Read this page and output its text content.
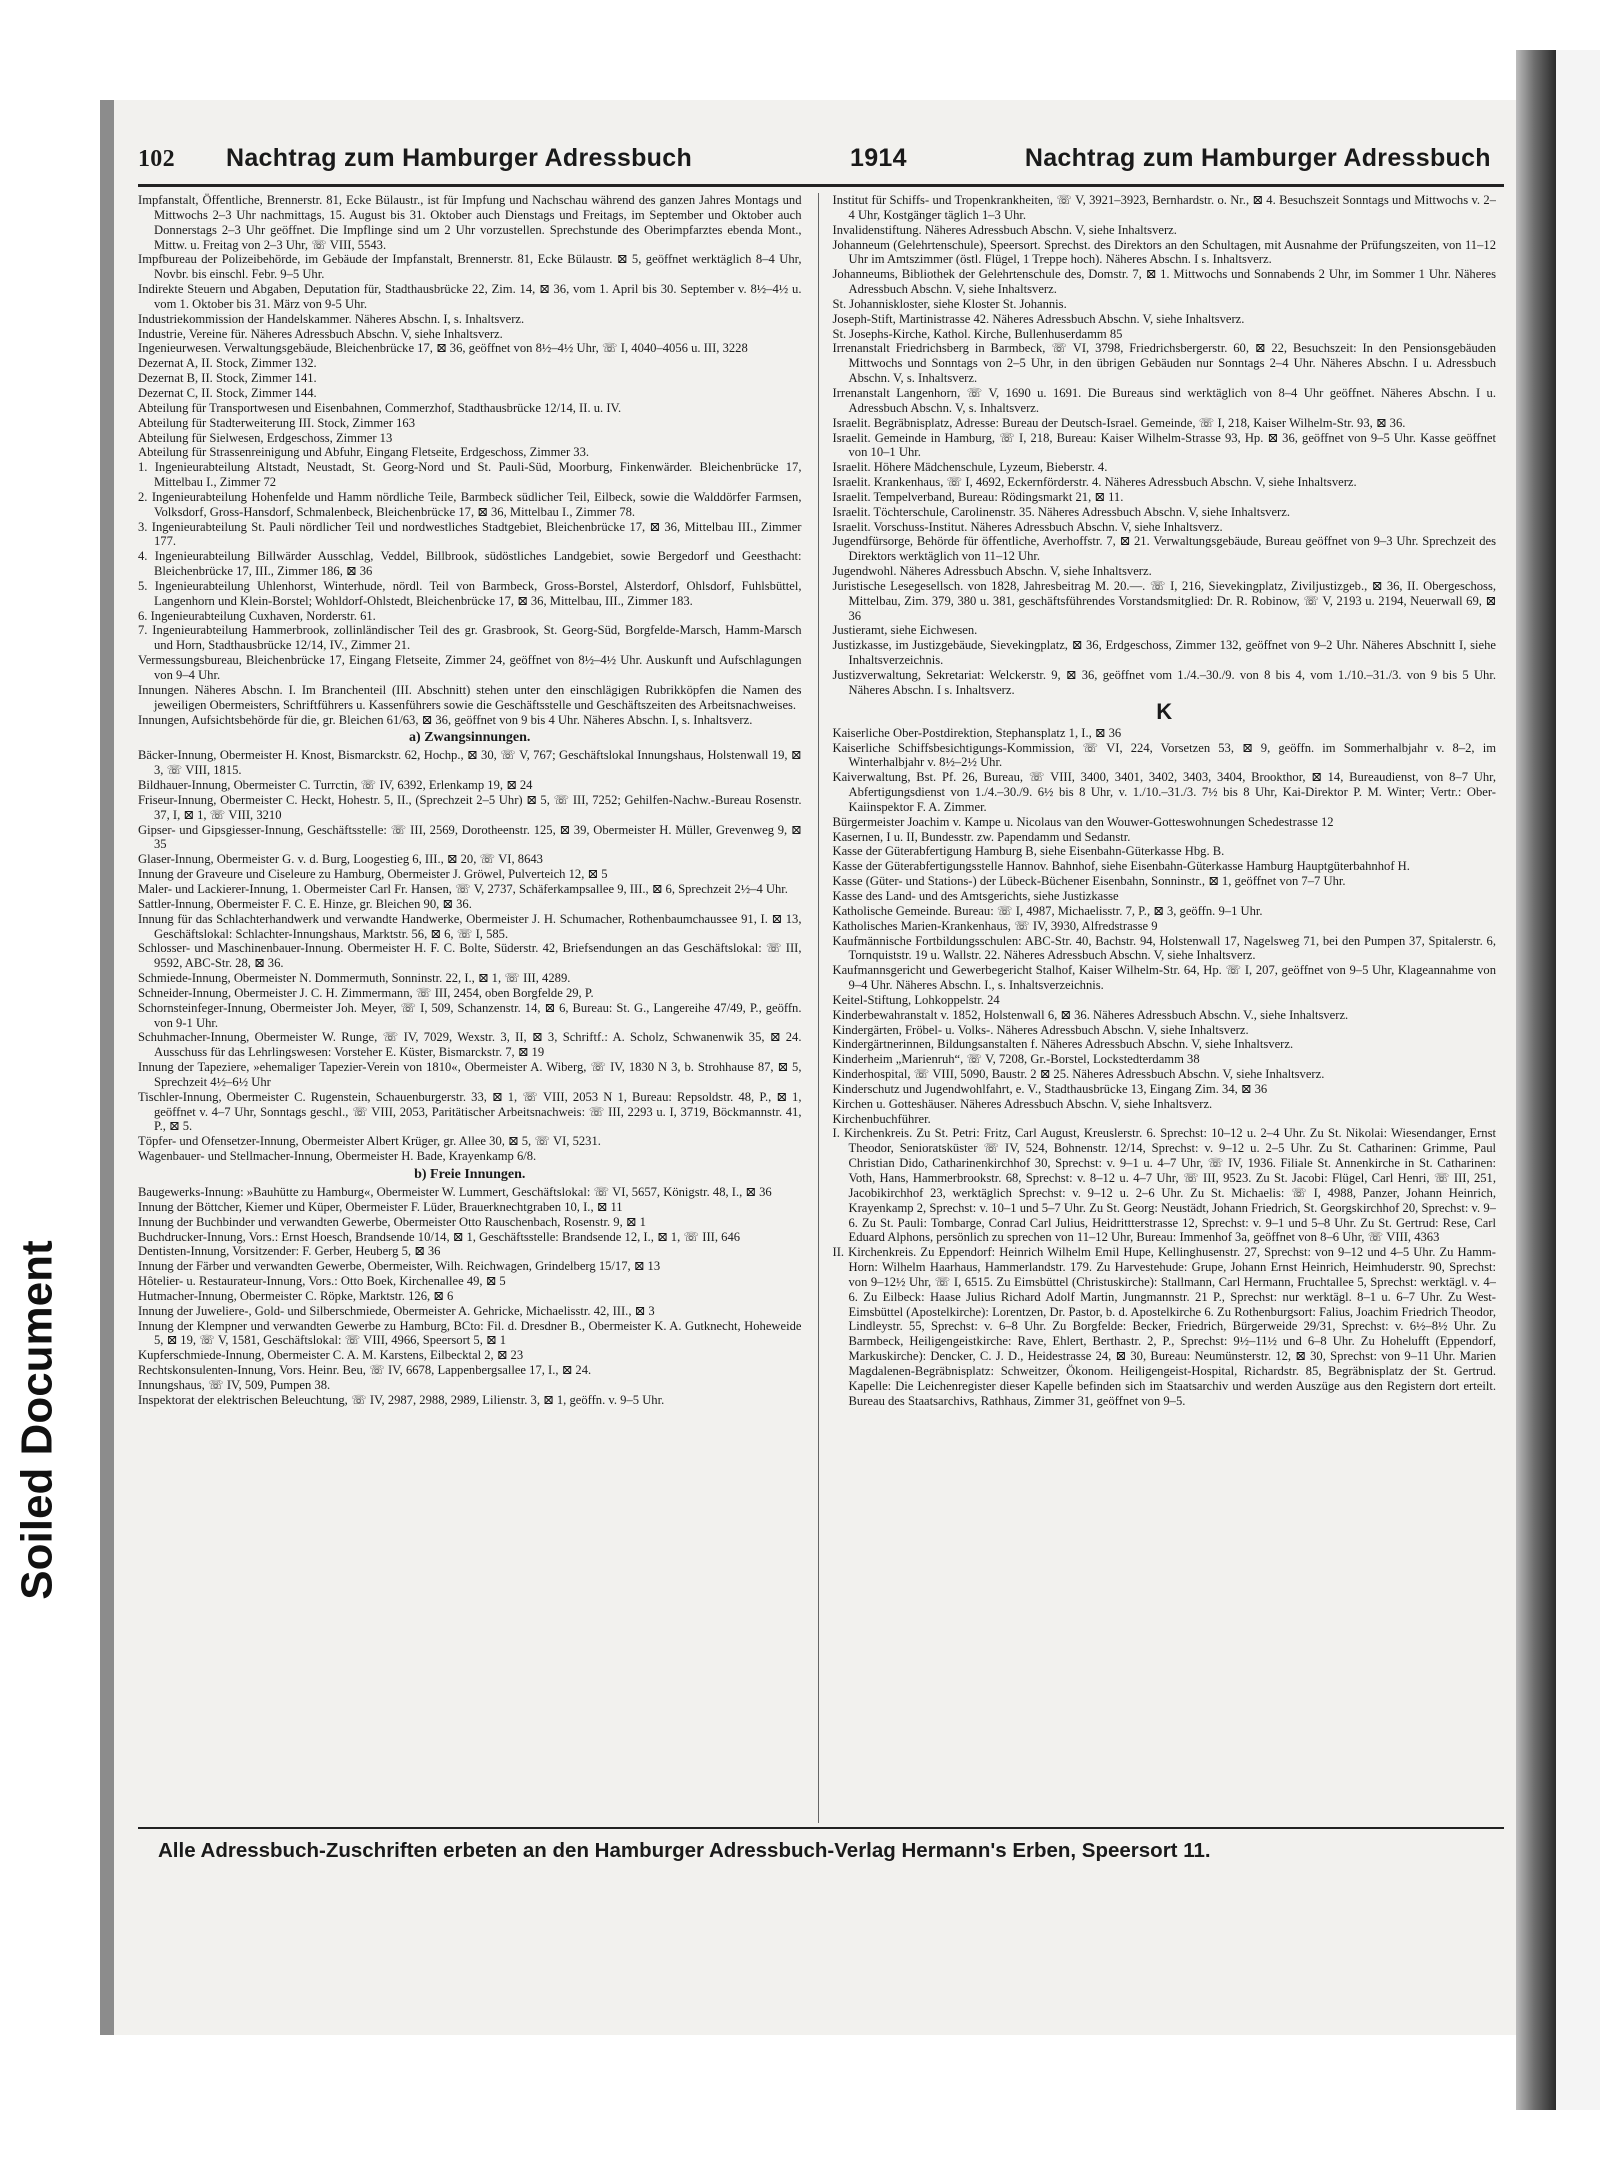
Soiled Document
102	Nachtrag zum Hamburger Adressbuch	1914	Nachtrag zum Hamburger Adressbuch

Impfanstalt, Öffentliche, Brennerstr. 81, Ecke Bülaustr., ist für Impfung und Nachschau während des ganzen Jahres Montags und Mittwochs 2–3 Uhr nachmittags, 15. August bis 31. Oktober auch Dienstags und Freitags, im September und Oktober auch Donnerstags 2–3 Uhr geöffnet. Die Impflinge sind um 2 Uhr vorzustellen. Sprechstunde des Oberimpfarztes ebenda Mont., Mittw. u. Freitag von 2–3 Uhr, ☏ VIII, 5543.

Impfbureau der Polizeibehörde, im Gebäude der Impfanstalt, Brennerstr. 81, Ecke Bülaustr. ⊠ 5, geöffnet werktäglich 8–4 Uhr, Novbr. bis einschl. Febr. 9–5 Uhr.

Indirekte Steuern und Abgaben, Deputation für, Stadthausbrücke 22, Zim. 14, ⊠ 36, vom 1. April bis 30. September v. 8½–4½ u. vom 1. Oktober bis 31. März von 9-5 Uhr.

Industriekommission der Handelskammer. Näheres Abschn. I, s. Inhaltsverz.

Industrie, Vereine für. Näheres Adressbuch Abschn. V, siehe Inhaltsverz.

Ingenieurwesen. Verwaltungsgebäude, Bleichenbrücke 17, ⊠ 36, geöffnet von 8½–4½ Uhr, ☏ I, 4040–4056 u. III, 3228

Dezernat A, II. Stock, Zimmer 132.

Dezernat B, II. Stock, Zimmer 141.

Dezernat C, II. Stock, Zimmer 144.

Abteilung für Transportwesen und Eisenbahnen, Commerzhof, Stadthausbrücke 12/14, II. u. IV.

Abteilung für Stadterweiterung III. Stock, Zimmer 163

Abteilung für Sielwesen, Erdgeschoss, Zimmer 13

Abteilung für Strassenreinigung und Abfuhr, Eingang Fletseite, Erdgeschoss, Zimmer 33.

1. Ingenieurabteilung Altstadt, Neustadt, St. Georg-Nord und St. Pauli-Süd, Moorburg, Finkenwärder. Bleichenbrücke 17, Mittelbau I., Zimmer 72

2. Ingenieurabteilung Hohenfelde und Hamm nördliche Teile, Barmbeck südlicher Teil, Eilbeck, sowie die Walddörfer Farmsen, Volksdorf, Gross-Hansdorf, Schmalenbeck, Bleichenbrücke 17, ⊠ 36, Mittelbau I., Zimmer 78.

3. Ingenieurabteilung St. Pauli nördlicher Teil und nordwestliches Stadtgebiet, Bleichenbrücke 17, ⊠ 36, Mittelbau III., Zimmer 177.

4. Ingenieurabteilung Billwärder Ausschlag, Veddel, Billbrook, südöstliches Landgebiet, sowie Bergedorf und Geesthacht: Bleichenbrücke 17, III., Zimmer 186, ⊠ 36

5. Ingenieurabteilung Uhlenhorst, Winterhude, nördl. Teil von Barmbeck, Gross-Borstel, Alsterdorf, Ohlsdorf, Fuhlsbüttel, Langenhorn und Klein-Borstel; Wohldorf-Ohlstedt, Bleichenbrücke 17, ⊠ 36, Mittelbau, III., Zimmer 183.

6. Ingenieurabteilung Cuxhaven, Norderstr. 61.

7. Ingenieurabteilung Hammerbrook, zollinländischer Teil des gr. Grasbrook, St. Georg-Süd, Borgfelde-Marsch, Hamm-Marsch und Horn, Stadthausbrücke 12/14, IV., Zimmer 21.

Vermessungsbureau, Bleichenbrücke 17, Eingang Fletseite, Zimmer 24, geöffnet von 8½–4½ Uhr. Auskunft und Aufschlagungen von 9–4 Uhr.

Innungen. Näheres Abschn. I. Im Branchenteil (III. Abschnitt) stehen unter den einschlägigen Rubrikköpfen die Namen des jeweiligen Obermeisters, Schriftführers u. Kassenführers sowie die Geschäftsstelle und Geschäftszeiten des Arbeitsnachweises.

Innungen, Aufsichtsbehörde für die, gr. Bleichen 61/63, ⊠ 36, geöffnet von 9 bis 4 Uhr. Näheres Abschn. I, s. Inhaltsverz.

a) Zwangsinnungen.

Bäcker-Innung, Obermeister H. Knost, Bismarckstr. 62, Hochp., ⊠ 30, ☏ V, 767; Geschäftslokal Innungshaus, Holstenwall 19, ⊠ 3, ☏ VIII, 1815.

Bildhauer-Innung, Obermeister C. Turrctin, ☏ IV, 6392, Erlenkamp 19, ⊠ 24

Friseur-Innung, Obermeister C. Heckt, Hohestr. 5, II., (Sprechzeit 2–5 Uhr) ⊠ 5, ☏ III, 7252; Gehilfen-Nachw.-Bureau Rosenstr. 37, I, ⊠ 1, ☏ VIII, 3210

Gipser- und Gipsgiesser-Innung, Geschäftsstelle: ☏ III, 2569, Dorotheenstr. 125, ⊠ 39, Obermeister H. Müller, Grevenweg 9, ⊠ 35

Glaser-Innung, Obermeister G. v. d. Burg, Loogestieg 6, III., ⊠ 20, ☏ VI, 8643

Innung der Graveure und Ciseleure zu Hamburg, Obermeister J. Gröwel, Pulverteich 12, ⊠ 5

Maler- und Lackierer-Innung, 1. Obermeister Carl Fr. Hansen, ☏ V, 2737, Schäferkampsallee 9, III., ⊠ 6, Sprechzeit 2½–4 Uhr.

Sattler-Innung, Obermeister F. C. E. Hinze, gr. Bleichen 90, ⊠ 36.

Innung für das Schlachterhandwerk und verwandte Handwerke, Obermeister J. H. Schumacher, Rothenbaumchaussee 91, I. ⊠ 13, Geschäftslokal: Schlachter-Innungshaus, Marktstr. 56, ⊠ 6, ☏ I, 585.

Schlosser- und Maschinenbauer-Innung. Obermeister H. F. C. Bolte, Süderstr. 42, Briefsendungen an das Geschäftslokal: ☏ III, 9592, ABC-Str. 28, ⊠ 36.

Schmiede-Innung, Obermeister N. Dommermuth, Sonninstr. 22, I., ⊠ 1, ☏ III, 4289.

Schneider-Innung, Obermeister J. C. H. Zimmermann, ☏ III, 2454, oben Borgfelde 29, P.

Schornsteinfeger-Innung, Obermeister Joh. Meyer, ☏ I, 509, Schanzenstr. 14, ⊠ 6, Bureau: St. G., Langereihe 47/49, P., geöffn. von 9-1 Uhr.

Schuhmacher-Innung, Obermeister W. Runge, ☏ IV, 7029, Wexstr. 3, II, ⊠ 3, Schriftf.: A. Scholz, Schwanenwik 35, ⊠ 24. Ausschuss für das Lehrlingswesen: Vorsteher E. Küster, Bismarckstr. 7, ⊠ 19

Innung der Tapeziere, »ehemaliger Tapezier-Verein von 1810«, Obermeister A. Wiberg, ☏ IV, 1830 N 3, b. Strohhause 87, ⊠ 5, Sprechzeit 4½–6½ Uhr

Tischler-Innung, Obermeister C. Rugenstein, Schauenburgerstr. 33, ⊠ 1, ☏ VIII, 2053 N 1, Bureau: Repsoldstr. 48, P., ⊠ 1, geöffnet v. 4–7 Uhr, Sonntags geschl., ☏ VIII, 2053, Paritätischer Arbeitsnachweis: ☏ III, 2293 u. I, 3719, Böckmannstr. 41, P., ⊠ 5.

Töpfer- und Ofensetzer-Innung, Obermeister Albert Krüger, gr. Allee 30, ⊠ 5, ☏ VI, 5231.

Wagenbauer- und Stellmacher-Innung, Obermeister H. Bade, Krayenkamp 6/8.

b) Freie Innungen.

Baugewerks-Innung: »Bauhütte zu Hamburg«, Obermeister W. Lummert, Geschäftslokal: ☏ VI, 5657, Königstr. 48, I., ⊠ 36

Innung der Böttcher, Kiemer und Küper, Obermeister F. Lüder, Brauerknechtgraben 10, I., ⊠ 11

Innung der Buchbinder und verwandten Gewerbe, Obermeister Otto Rauschenbach, Rosenstr. 9, ⊠ 1

Buchdrucker-Innung, Vors.: Ernst Hoesch, Brandsende 10/14, ⊠ 1, Geschäftsstelle: Brandsende 12, I., ⊠ 1, ☏ III, 646

Dentisten-Innung, Vorsitzender: F. Gerber, Heuberg 5, ⊠ 36

Innung der Färber und verwandten Gewerbe, Obermeister, Wilh. Reichwagen, Grindelberg 15/17, ⊠ 13

Hôtelier- u. Restaurateur-Innung, Vors.: Otto Boek, Kirchenallee 49, ⊠ 5

Hutmacher-Innung, Obermeister C. Röpke, Marktstr. 126, ⊠ 6

Innung der Juweliere-, Gold- und Silberschmiede, Obermeister A. Gehricke, Michaelisstr. 42, III., ⊠ 3

Innung der Klempner und verwandten Gewerbe zu Hamburg, BCto: Fil. d. Dresdner B., Obermeister K. A. Gutknecht, Hoheweide 5, ⊠ 19, ☏ V, 1581, Geschäftslokal: ☏ VIII, 4966, Speersort 5, ⊠ 1

Kupferschmiede-Innung, Obermeister C. A. M. Karstens, Eilbecktal 2, ⊠ 23

Rechtskonsulenten-Innung, Vors. Heinr. Beu, ☏ IV, 6678, Lappenbergsallee 17, I., ⊠ 24.

Innungshaus, ☏ IV, 509, Pumpen 38.

Inspektorat der elektrischen Beleuchtung, ☏ IV, 2987, 2988, 2989, Lilienstr. 3, ⊠ 1, geöffn. v. 9–5 Uhr.

Institut für Schiffs- und Tropenkrankheiten, ☏ V, 3921–3923, Bernhardstr. o. Nr., ⊠ 4. Besuchszeit Sonntags und Mittwochs v. 2–4 Uhr, Kostgänger täglich 1–3 Uhr.

Invalidenstiftung. Näheres Adressbuch Abschn. V, siehe Inhaltsverz.

Johanneum (Gelehrtenschule), Speersort. Sprechst. des Direktors an den Schultagen, mit Ausnahme der Prüfungszeiten, von 11–12 Uhr im Amtszimmer (östl. Flügel, 1 Treppe hoch). Näheres Abschn. I s. Inhaltsverz.

Johanneums, Bibliothek der Gelehrtenschule des, Domstr. 7, ⊠ 1. Mittwochs und Sonnabends 2 Uhr, im Sommer 1 Uhr. Näheres Adressbuch Abschn. V, siehe Inhaltsverz.

St. Johanniskloster, siehe Kloster St. Johannis.

Joseph-Stift, Martinistrasse 42. Näheres Adressbuch Abschn. V, siehe Inhaltsverz.

St. Josephs-Kirche, Kathol. Kirche, Bullenhuserdamm 85

Irrenanstalt Friedrichsberg in Barmbeck, ☏ VI, 3798, Friedrichsbergerstr. 60, ⊠ 22, Besuchszeit: In den Pensionsgebäuden Mittwochs und Sonntags von 2–5 Uhr, in den übrigen Gebäuden nur Sonntags 2–4 Uhr. Näheres Abschn. I u. Adressbuch Abschn. V, s. Inhaltsverz.

Irrenanstalt Langenhorn, ☏ V, 1690 u. 1691. Die Bureaus sind werktäglich von 8–4 Uhr geöffnet. Näheres Abschn. I u. Adressbuch Abschn. V, s. Inhaltsverz.

Israelit. Begräbnisplatz, Adresse: Bureau der Deutsch-Israel. Gemeinde, ☏ I, 218, Kaiser Wilhelm-Str. 93, ⊠ 36.

Israelit. Gemeinde in Hamburg, ☏ I, 218, Bureau: Kaiser Wilhelm-Strasse 93, Hp. ⊠ 36, geöffnet von 9–5 Uhr. Kasse geöffnet von 10–1 Uhr.

Israelit. Höhere Mädchenschule, Lyzeum, Bieberstr. 4.

Israelit. Krankenhaus, ☏ I, 4692, Eckernförderstr. 4. Näheres Adressbuch Abschn. V, siehe Inhaltsverz.

Israelit. Tempelverband, Bureau: Rödingsmarkt 21, ⊠ 11.

Israelit. Töchterschule, Carolinenstr. 35. Näheres Adressbuch Abschn. V, siehe Inhaltsverz.

Israelit. Vorschuss-Institut. Näheres Adressbuch Abschn. V, siehe Inhaltsverz.

Jugendfürsorge, Behörde für öffentliche, Averhoffstr. 7, ⊠ 21. Verwaltungsgebäude, Bureau geöffnet von 9–3 Uhr. Sprechzeit des Direktors werktäglich von 11–12 Uhr.

Jugendwohl. Näheres Adressbuch Abschn. V, siehe Inhaltsverz.

Juristische Lesegesellsch. von 1828, Jahresbeitrag M. 20.—. ☏ I, 216, Sievekingplatz, Ziviljustizgeb., ⊠ 36, II. Obergeschoss, Mittelbau, Zim. 379, 380 u. 381, geschäftsführendes Vorstandsmitglied: Dr. R. Robinow, ☏ V, 2193 u. 2194, Neuerwall 69, ⊠ 36

Justieramt, siehe Eichwesen.

Justizkasse, im Justizgebäude, Sievekingplatz, ⊠ 36, Erdgeschoss, Zimmer 132, geöffnet von 9–2 Uhr. Näheres Abschnitt I, siehe Inhaltsverzeichnis.

Justizverwaltung, Sekretariat: Welckerstr. 9, ⊠ 36, geöffnet vom 1./4.–30./9. von 8 bis 4, vom 1./10.–31./3. von 9 bis 5 Uhr. Näheres Abschn. I s. Inhaltsverz.

K

Kaiserliche Ober-Postdirektion, Stephansplatz 1, I., ⊠ 36

Kaiserliche Schiffsbesichtigungs-Kommission, ☏ VI, 224, Vorsetzen 53, ⊠ 9, geöffn. im Sommerhalbjahr v. 8–2, im Winterhalbjahr v. 8½–2½ Uhr.

Kaiverwaltung, Bst. Pf. 26, Bureau, ☏ VIII, 3400, 3401, 3402, 3403, 3404, Brookthor, ⊠ 14, Bureaudienst, von 8–7 Uhr, Abfertigungsdienst von 1./4.–30./9. 6½ bis 8 Uhr, v. 1./10.–31./3. 7½ bis 8 Uhr, Kai-Direktor P. M. Winter; Vertr.: Ober-Kaiinspektor F. A. Zimmer.

Bürgermeister Joachim v. Kampe u. Nicolaus van den Wouwer-Gotteswohnungen Schedestrasse 12

Kasernen, I u. II, Bundesstr. zw. Papendamm und Sedanstr.

Kasse der Güterabfertigung Hamburg B, siehe Eisenbahn-Güterkasse Hbg. B.

Kasse der Güterabfertigungsstelle Hannov. Bahnhof, siehe Eisenbahn-Güterkasse Hamburg Hauptgüterbahnhof H.

Kasse (Güter- und Stations-) der Lübeck-Büchener Eisenbahn, Sonninstr., ⊠ 1, geöffnet von 7–7 Uhr.

Kasse des Land- und des Amtsgerichts, siehe Justizkasse

Katholische Gemeinde. Bureau: ☏ I, 4987, Michaelisstr. 7, P., ⊠ 3, geöffn. 9–1 Uhr.

Katholisches Marien-Krankenhaus, ☏ IV, 3930, Alfredstrasse 9

Kaufmännische Fortbildungsschulen: ABC-Str. 40, Bachstr. 94, Holstenwall 17, Nagelsweg 71, bei den Pumpen 37, Spitalerstr. 6, Tornquiststr. 19 u. Wallstr. 22. Näheres Adressbuch Abschn. V, siehe Inhaltsverz.

Kaufmannsgericht und Gewerbegericht Stalhof, Kaiser Wilhelm-Str. 64, Hp. ☏ I, 207, geöffnet von 9–5 Uhr, Klageannahme von 9–4 Uhr. Näheres Abschn. I., s. Inhaltsverzeichnis.

Keitel-Stiftung, Lohkoppelstr. 24

Kinderbewahranstalt v. 1852, Holstenwall 6, ⊠ 36. Näheres Adressbuch Abschn. V., siehe Inhaltsverz.

Kindergärten, Fröbel- u. Volks-. Näheres Adressbuch Abschn. V, siehe Inhaltsverz.

Kindergärtnerinnen, Bildungsanstalten f. Näheres Adressbuch Abschn. V, siehe Inhaltsverz.

Kinderheim „Marienruh“, ☏ V, 7208, Gr.-Borstel, Lockstedterdamm 38

Kinderhospital, ☏ VIII, 5090, Baustr. 2 ⊠ 25. Näheres Adressbuch Abschn. V, siehe Inhaltsverz.

Kinderschutz und Jugendwohlfahrt, e. V., Stadthausbrücke 13, Eingang Zim. 34, ⊠ 36

Kirchen u. Gotteshäuser. Näheres Adressbuch Abschn. V, siehe Inhaltsverz.

Kirchenbuchführer.

I. Kirchenkreis. Zu St. Petri: Fritz, Carl August, Kreuslerstr. 6. Sprechst: 10–12 u. 2–4 Uhr. Zu St. Nikolai: Wiesendanger, Ernst Theodor, Senioratsküster ☏ IV, 524, Bohnenstr. 12/14, Sprechst: v. 9–12 u. 2–5 Uhr. Zu St. Catharinen: Grimme, Paul Christian Dido, Catharinenkirchhof 30, Sprechst: v. 9–1 u. 4–7 Uhr, ☏ IV, 1936. Filiale St. Annenkirche in St. Catharinen: Voth, Hans, Hammerbrookstr. 68, Sprechst: v. 8–12 u. 4–7 Uhr, ☏ III, 9523. Zu St. Jacobi: Flügel, Carl Henri, ☏ III, 251, Jacobikirchhof 23, werktäglich Sprechst: v. 9–12 u. 2–6 Uhr. Zu St. Michaelis: ☏ I, 4988, Panzer, Johann Heinrich, Krayenkamp 2, Sprechst: v. 10–1 und 5–7 Uhr. Zu St. Georg: Neustädt, Johann Friedrich, St. Georgskirchhof 20, Sprechst: v. 9–6. Zu St. Pauli: Tombarge, Conrad Carl Julius, Heidrittterstrasse 12, Sprechst: v. 9–1 und 5–8 Uhr. Zu St. Gertrud: Rese, Carl Eduard Alphons, persönlich zu sprechen von 11–12 Uhr, Bureau: Immenhof 3a, geöffnet von 8–6 Uhr, ☏ VIII, 4363

II. Kirchenkreis. Zu Eppendorf: Heinrich Wilhelm Emil Hupe, Kellinghusenstr. 27, Sprechst: von 9–12 und 4–5 Uhr. Zu Hamm-Horn: Wilhelm Haarhaus, Hammerlandstr. 179. Zu Harvestehude: Grupe, Johann Ernst Heinrich, Heimhuderstr. 90, Sprechst: von 9–12½ Uhr, ☏ I, 6515. Zu Eimsbüttel (Christuskirche): Stallmann, Carl Hermann, Fruchtallee 5, Sprechst: werktägl. v. 4–6. Zu Eilbeck: Haase Julius Richard Adolf Martin, Jungmannstr. 21 P., Sprechst: nur werktägl. 8–1 u. 6–7 Uhr. Zu West-Eimsbüttel (Apostelkirche): Lorentzen, Dr. Pastor, b. d. Apostelkirche 6. Zu Rothenburgsort: Falius, Joachim Friedrich Theodor, Lindleystr. 55, Sprechst: v. 6–8 Uhr. Zu Borgfelde: Becker, Friedrich, Bürgerweide 29/31, Sprechst: v. 6½–8½ Uhr. Zu Barmbeck, Heiligengeistkirche: Rave, Ehlert, Berthastr. 2, P., Sprechst: 9½–11½ und 6–8 Uhr. Zu Hohelufft (Eppendorf, Markuskirche): Dencker, C. J. D., Heidestrasse 24, ⊠ 30, Bureau: Neumünsterstr. 12, ⊠ 30, Sprechst: von 9–11 Uhr. Marien Magdalenen-Begräbnisplatz: Schweitzer, Ökonom. Heiligengeist-Hospital, Richardstr. 85, Begräbnisplatz der St. Gertrud. Kapelle: Die Leichenregister dieser Kapelle befinden sich im Staatsarchiv und werden Auszüge aus den Registern dort erteilt. Bureau des Staatsarchivs, Rathhaus, Zimmer 31, geöffnet von 9–5.

Alle Adressbuch-Zuschriften erbeten an den Hamburger Adressbuch-Verlag Hermann's Erben, Speersort 11.
